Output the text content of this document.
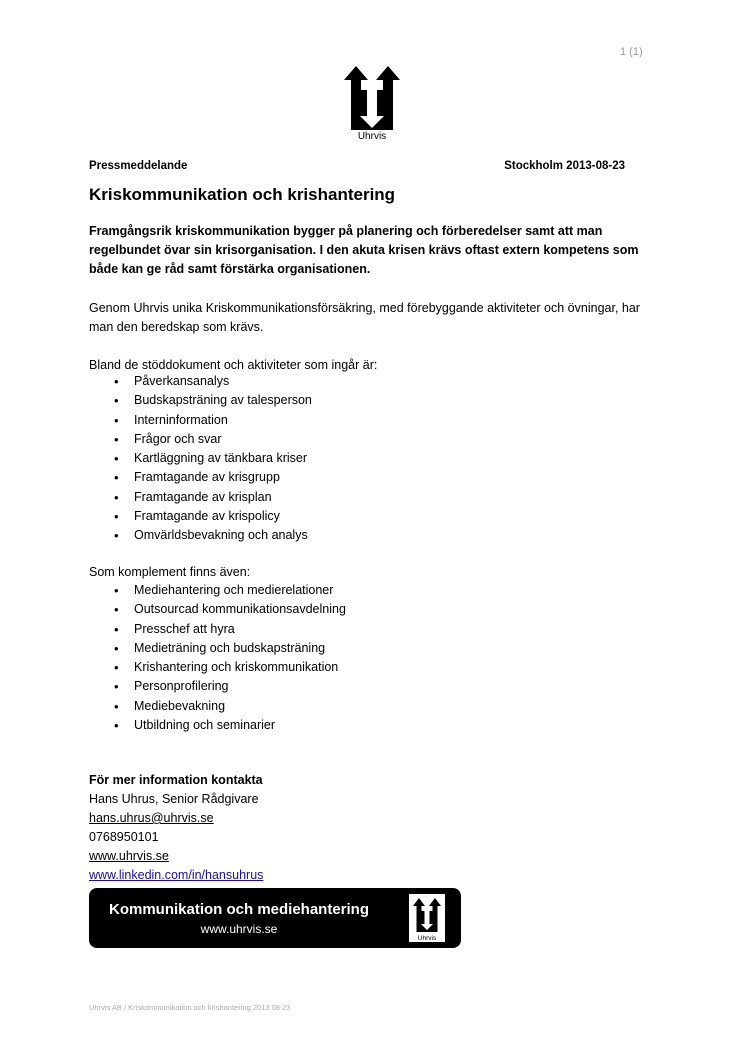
1 (1)
Uhrvis
Pressmeddelande	Stockholm 2013-08-23
Kriskommunikation och krishantering
Framgångsrik kriskommunikation bygger på planering och förberedelser samt att man regelbundet övar sin krisorganisation. I den akuta krisen krävs oftast extern kompetens som både kan ge råd samt förstärka organisationen.
Genom Uhrvis unika Kriskommunikationsförsäkring, med förebyggande aktiviteter och övningar, har man den beredskap som krävs.
Bland de stöddokument och aktiviteter som ingår är:
• Påverkansanalys
• Budskapsträning av talesperson
• Interninformation
• Frågor och svar
• Kartläggning av tänkbara kriser
• Framtagande av krisgrupp
• Framtagande av krisplan
• Framtagande av krispolicy
• Omvärldsbevakning och analys
Som komplement finns även:
• Mediehantering och medierelationer
• Outsourcad kommunikationsavdelning
• Presschef att hyra
• Medieträning och budskapsträning
• Krishantering och kriskommunikation
• Personprofilering
• Mediebevakning
• Utbildning och seminarier
För mer information kontakta
Hans Uhrus, Senior Rådgivare
hans.uhrus@uhrvis.se
0768950101
www.uhrvis.se
www.linkedin.com/in/hansuhrus
Kommunikation och mediehantering
www.uhrvis.se
Uhrvis
Uhrvis AB / Kriskommunikation och krishantering 2013 08 23
